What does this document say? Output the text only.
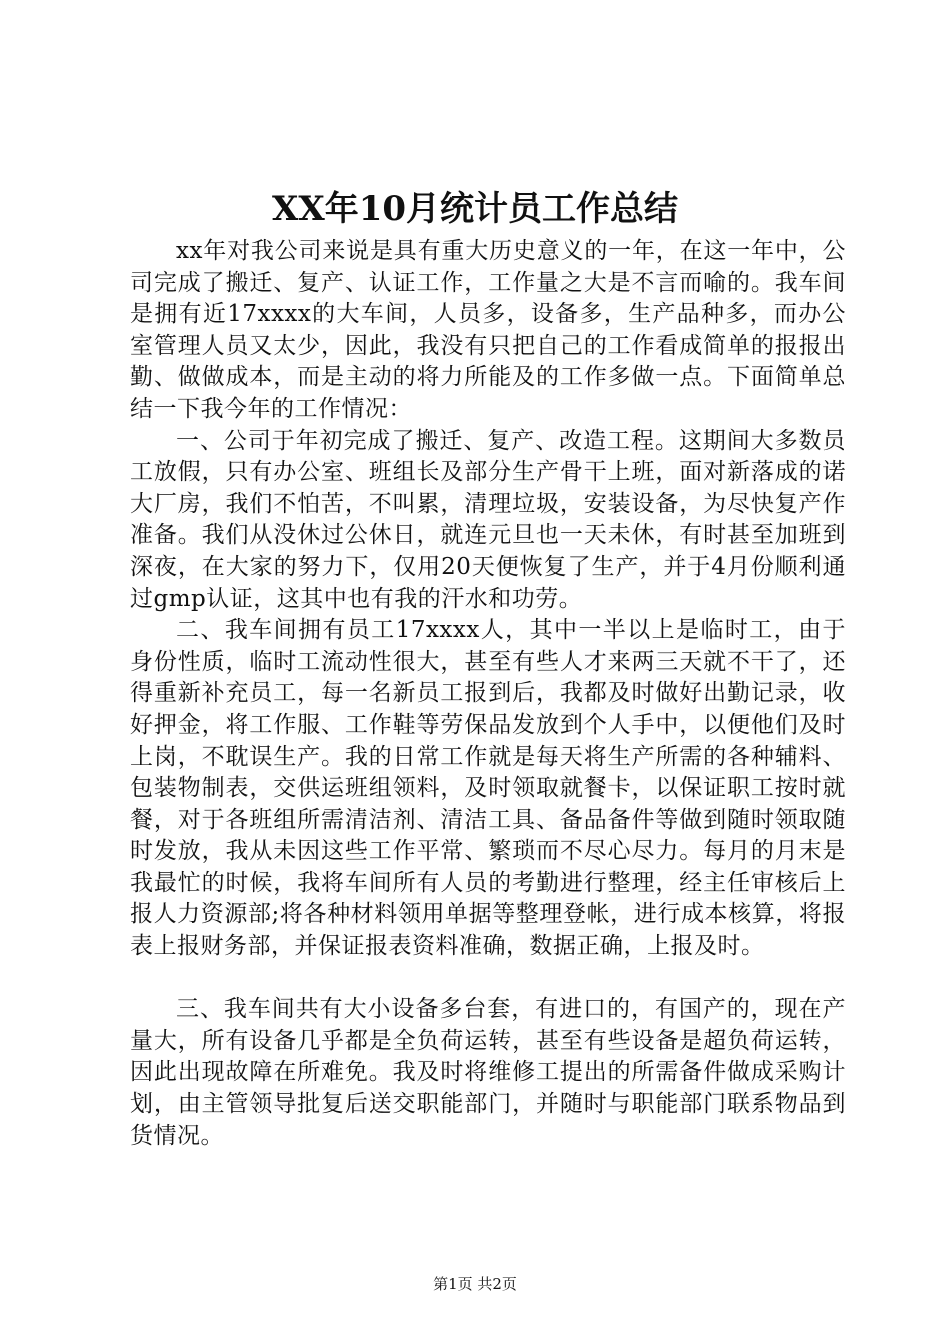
XX年10月统计员工作总结

xx年对我公司来说是具有重大历史意义的一年，在这一年中，公司完成了搬迁、复产、认证工作，工作量之大是不言而喻的。我车间是拥有近17xxxx的大车间，人员多，设备多，生产品种多，而办公室管理人员又太少，因此，我没有只把自己的工作看成简单的报报出勤、做做成本，而是主动的将力所能及的工作多做一点。下面简单总结一下我今年的工作情况：

一、公司于年初完成了搬迁、复产、改造工程。这期间大多数员工放假，只有办公室、班组长及部分生产骨干上班，面对新落成的诺大厂房，我们不怕苦，不叫累，清理垃圾，安装设备，为尽快复产作准备。我们从没休过公休日，就连元旦也一天未休，有时甚至加班到深夜，在大家的努力下，仅用20天便恢复了生产，并于4月份顺利通过gmp认证，这其中也有我的汗水和功劳。

二、我车间拥有员工17xxxx人，其中一半以上是临时工，由于身份性质，临时工流动性很大，甚至有些人才来两三天就不干了，还得重新补充员工，每一名新员工报到后，我都及时做好出勤记录，收好押金，将工作服、工作鞋等劳保品发放到个人手中，以便他们及时上岗，不耽误生产。我的日常工作就是每天将生产所需的各种辅料、包装物制表，交供运班组领料，及时领取就餐卡，以保证职工按时就餐，对于各班组所需清洁剂、清洁工具、备品备件等做到随时领取随时发放，我从未因这些工作平常、繁琐而不尽心尽力。每月的月末是我最忙的时候，我将车间所有人员的考勤进行整理，经主任审核后上报人力资源部;将各种材料领用单据等整理登帐，进行成本核算，将报表上报财务部，并保证报表资料准确，数据正确，上报及时。

三、我车间共有大小设备多台套，有进口的，有国产的，现在产量大，所有设备几乎都是全负荷运转，甚至有些设备是超负荷运转，因此出现故障在所难免。我及时将维修工提出的所需备件做成采购计划，由主管领导批复后送交职能部门，并随时与职能部门联系物品到货情况。

第1页 共2页
